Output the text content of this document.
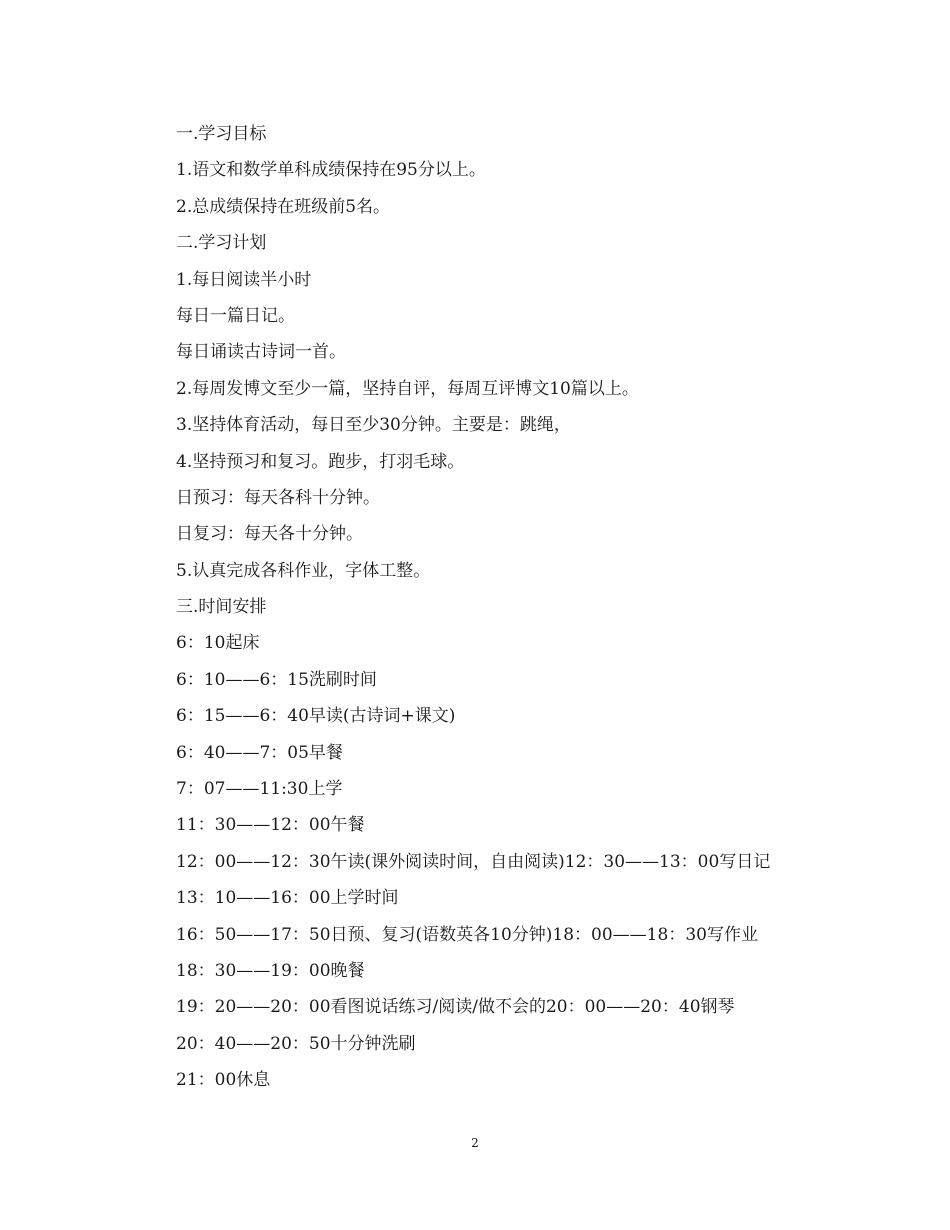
一.学习目标
1.语文和数学单科成绩保持在95分以上。
2.总成绩保持在班级前5名。
二.学习计划
1.每日阅读半小时
每日一篇日记。
每日诵读古诗词一首。
2.每周发博文至少一篇，坚持自评，每周互评博文10篇以上。
3.坚持体育活动，每日至少30分钟。主要是：跳绳，
4.坚持预习和复习。跑步，打羽毛球。
日预习：每天各科十分钟。
日复习：每天各十分钟。
5.认真完成各科作业，字体工整。
三.时间安排
6：10起床
6：10——6：15洗刷时间
6：15——6：40早读(古诗词+课文)
6：40——7：05早餐
7：07——11:30上学
11：30——12：00午餐
12：00——12：30午读(课外阅读时间，自由阅读)12：30——13：00写日记
13：10——16：00上学时间
16：50——17：50日预、复习(语数英各10分钟)18：00——18：30写作业
18：30——19：00晚餐
19：20——20：00看图说话练习/阅读/做不会的20：00——20：40钢琴
20：40——20：50十分钟洗刷
21：00休息
2
